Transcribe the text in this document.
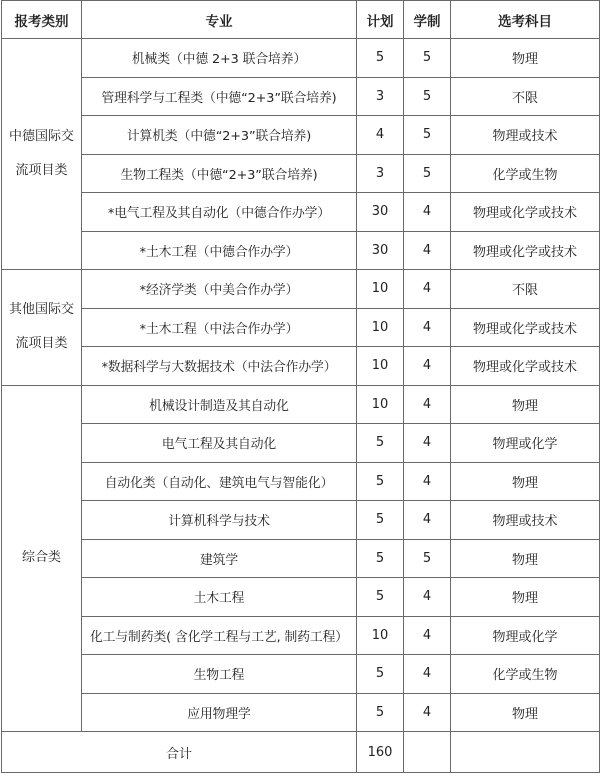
报考类别	专业	计划	学制	选考科目

中德国际交
流项目类	机械类（中德 2+3 联合培养）	5	5	物理
	管理科学与工程类（中德“2+3”联合培养)	3	5	不限
	计算机类（中德“2+3”联合培养)	4	5	物理或技术
	生物工程类（中德“2+3”联合培养)	3	5	化学或生物
	*电气工程及其自动化（中德合作办学）	30	4	物理或化学或技术
	*土木工程（中德合作办学）	30	4	物理或化学或技术

其他国际交
流项目类	*经济学类（中美合作办学）	10	4	不限
	*土木工程（中法合作办学）	10	4	物理或化学或技术
	*数据科学与大数据技术（中法合作办学）	10	4	物理或化学或技术

综合类	机械设计制造及其自动化	10	4	物理
	电气工程及其自动化	5	4	物理或化学
	自动化类（自动化、建筑电气与智能化）	5	4	物理
	计算机科学与技术	5	4	物理或技术
	建筑学	5	5	物理
	土木工程	5	4	物理
	化工与制药类( 含化学工程与工艺, 制药工程）	10	4	物理或化学
	生物工程	5	4	化学或生物
	应用物理学	5	4	物理
合计		160		
